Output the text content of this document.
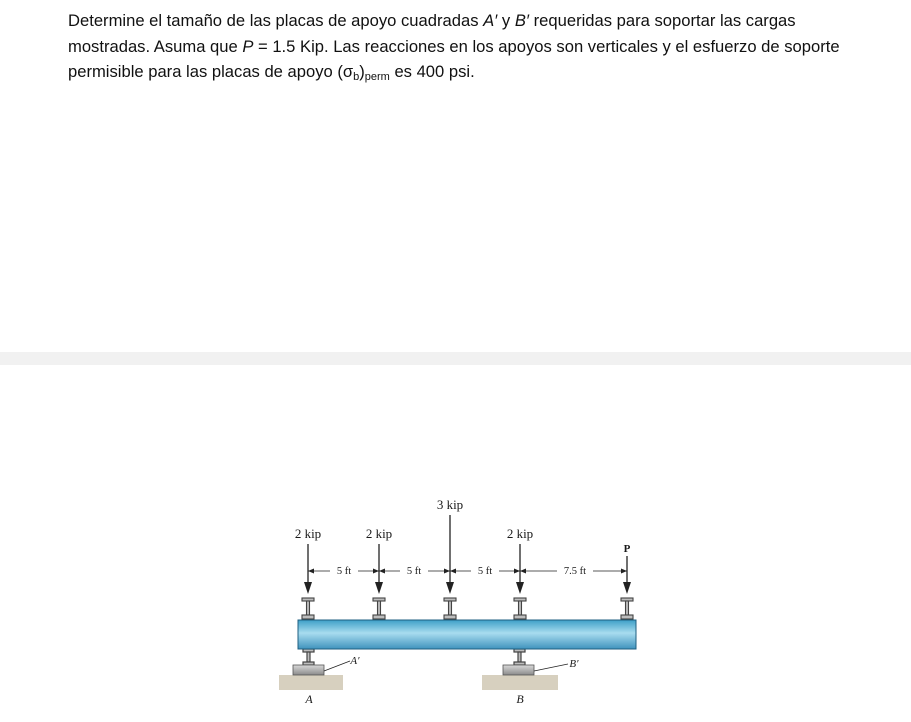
Determine el tamaño de las placas de apoyo cuadradas A′ y B′ requeridas para soportar las cargas mostradas. Asuma que P = 1.5 Kip. Las reacciones en los apoyos son verticales y el esfuerzo de soporte permisible para las placas de apoyo $(\sigma_b)_{perm}$ es 400 psi.

2 kip	2 kip
3 kip
2 kip
P
5 ft	5 ft	5 ft	7.5 ft
A	B
A′	B′
